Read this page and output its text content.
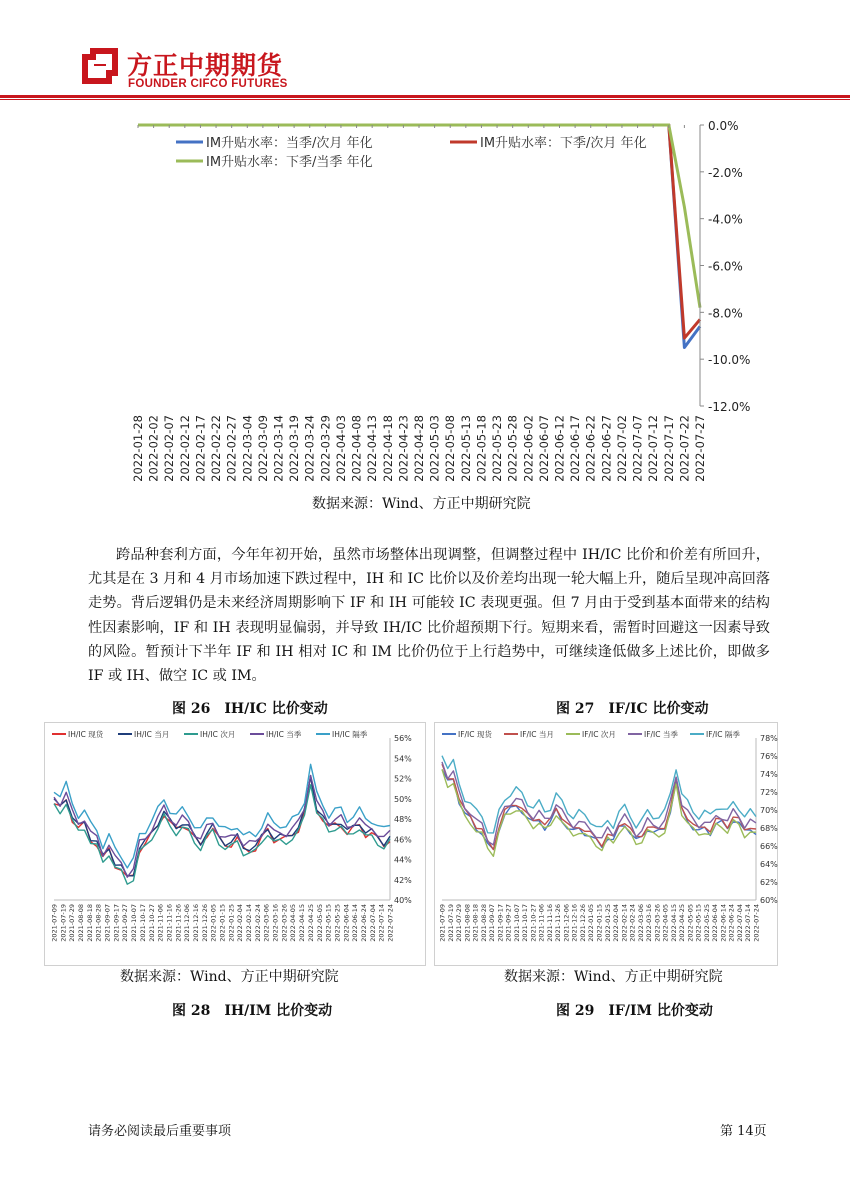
方正中期期货
FOUNDER CIFCO FUTURES
0.0%
-2.0%
-4.0%
-6.0%
-8.0%
-10.0%
-12.0%
2022-01-28 2022-02-02 2022-02-07 2022-02-12 2022-02-17 2022-02-22 2022-02-27 2022-03-04 2022-03-09 2022-03-14 2022-03-19 2022-03-24 2022-03-29 2022-04-03 2022-04-08 2022-04-13 2022-04-18 2022-04-23 2022-04-28 2022-05-03 2022-05-08 2022-05-13 2022-05-18 2022-05-23 2022-05-28 2022-06-02 2022-06-07 2022-06-12 2022-06-17 2022-06-22 2022-06-27 2022-07-02 2022-07-07 2022-07-12 2022-07-17 2022-07-22 2022-07-27
IM升贴水率：当季/次月 年化	IM升贴水率：下季/次月 年化
IM升贴水率：下季/当季 年化
数据来源：Wind、方正中期研究院
跨品种套利方面，今年年初开始，虽然市场整体出现调整，但调整过程中 IH/IC 比价和价差有所回升，尤其是在 3 月和 4 月市场加速下跌过程中，IH 和 IC 比价以及价差均出现一轮大幅上升，随后呈现冲高回落走势。背后逻辑仍是未来经济周期影响下 IF 和 IH 可能较 IC 表现更强。但 7 月由于受到基本面带来的结构性因素影响，IF 和 IH 表现明显偏弱，并导致 IH/IC 比价超预期下行。短期来看，需暂时回避这一因素导致的风险。暂预计下半年 IF 和 IH 相对 IC 和 IM 比价仍位于上行趋势中，可继续逢低做多上述比价，即做多 IF 或 IH、做空 IC 或 IM。
图 26　IH/IC 比价变动	图 27　IF/IC 比价变动
IH/IC 现货	IH/IC 当月	IH/IC 次月	IH/IC 当季	IH/IC 隔季	56%
54%
52%
50%
48%
46%
44%
42%
40%
2021-07-09 2021-07-19 2021-07-29 2021-08-08 2021-08-18 2021-08-28 2021-09-07 2021-09-17 2021-09-27 2021-10-07 2021-10-17 2021-10-27 2021-11-06 2021-11-16 2021-11-26 2021-12-06 2021-12-16 2021-12-26 2022-01-05 2022-01-15 2022-01-25 2022-02-04 2022-02-14 2022-02-24 2022-03-06 2022-03-16 2022-03-26 2022-04-05 2022-04-15 2022-04-25 2022-05-05 2022-05-15 2022-05-25 2022-06-04 2022-06-14 2022-06-24 2022-07-04 2022-07-14 2022-07-24
IF/IC 现货	IF/IC 当月	IF/IC 次月	IF/IC 当季	IF/IC 隔季	78%
76%
74%
72%
70%
68%
66%
64%
62%
60%
2021-07-09 2021-07-19 2021-07-29 2021-08-08 2021-08-18 2021-08-28 2021-09-07 2021-09-17 2021-09-27 2021-10-07 2021-10-17 2021-10-27 2021-11-06 2021-11-16 2021-11-26 2021-12-06 2021-12-16 2021-12-26 2022-01-05 2022-01-15 2022-01-25 2022-02-04 2022-02-14 2022-02-24 2022-03-06 2022-03-16 2022-03-26 2022-04-05 2022-04-15 2022-04-25 2022-05-05 2022-05-15 2022-05-25 2022-06-04 2022-06-14 2022-06-24 2022-07-04 2022-07-14 2022-07-24
数据来源：Wind、方正中期研究院	数据来源：Wind、方正中期研究院
图 28　IH/IM 比价变动	图 29　IF/IM 比价变动
请务必阅读最后重要事项	第 14页
